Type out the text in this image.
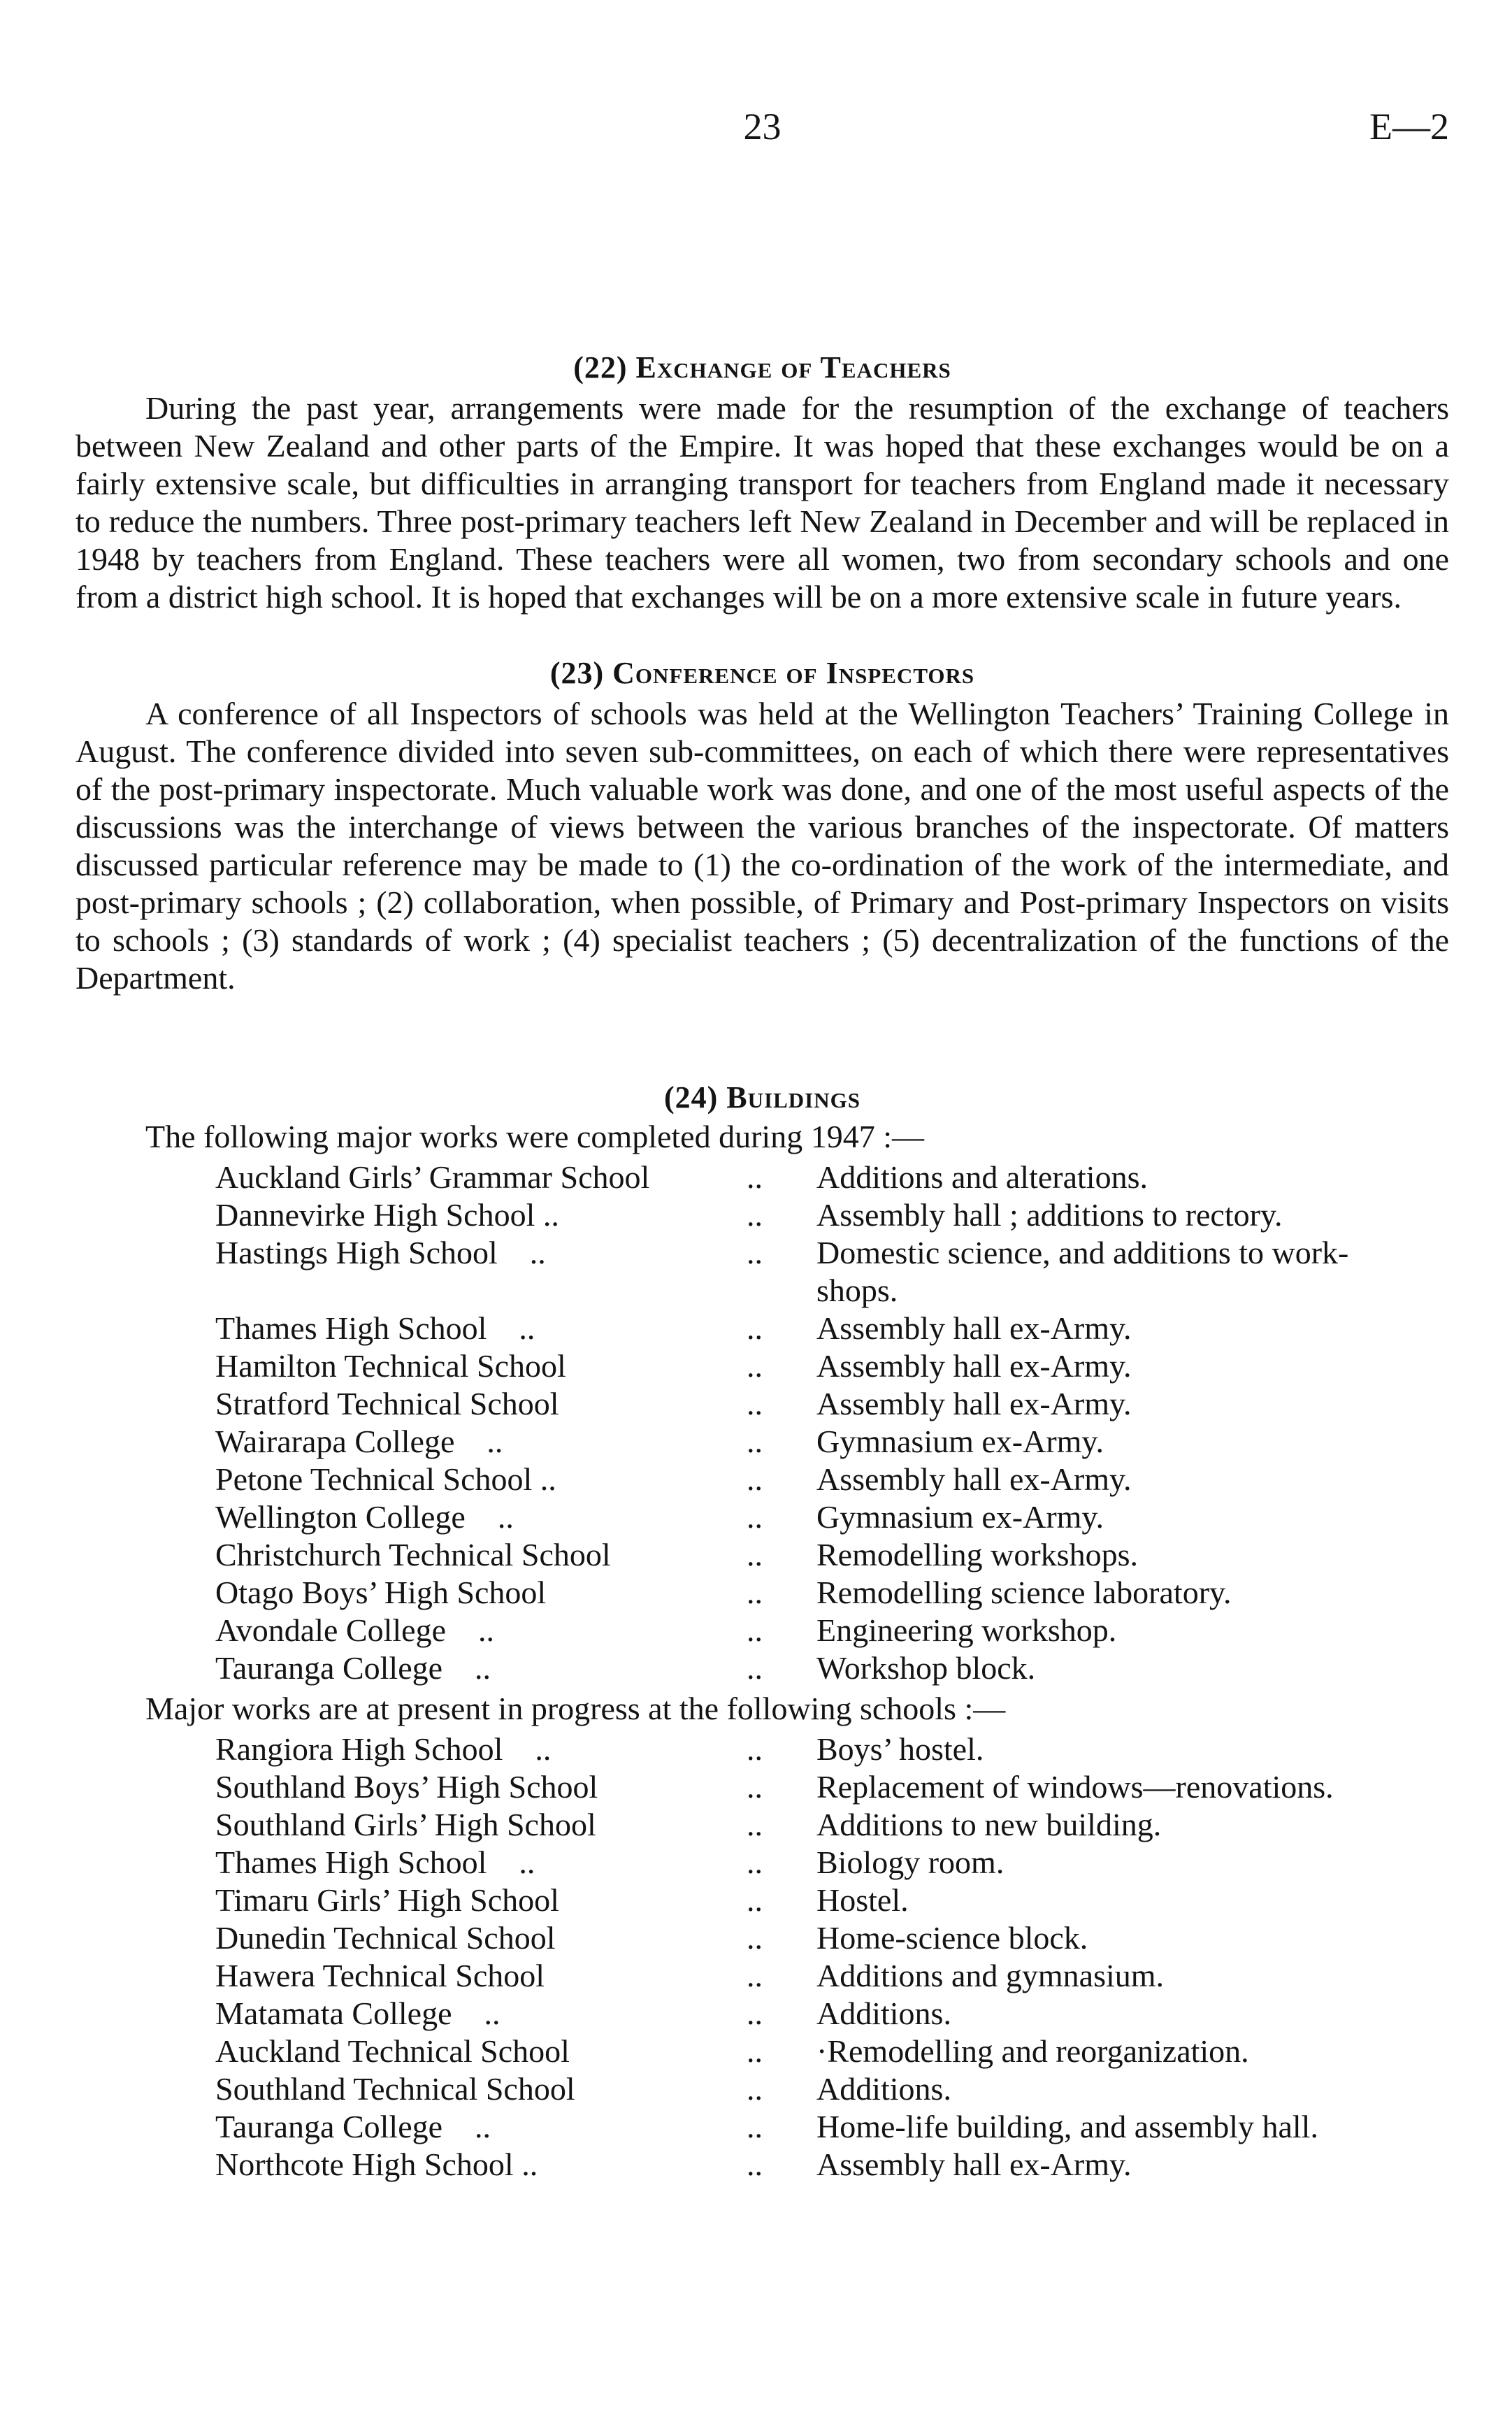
23	E—2
(22) Exchange of Teachers

During the past year, arrangements were made for the resumption of the exchange of teachers between New Zealand and other parts of the Empire. It was hoped that these exchanges would be on a fairly extensive scale, but difficulties in arranging transport for teachers from England made it necessary to reduce the numbers. Three post-primary teachers left New Zealand in December and will be replaced in 1948 by teachers from England. These teachers were all women, two from secondary schools and one from a district high school. It is hoped that exchanges will be on a more extensive scale in future years.

(23) Conference of Inspectors

A conference of all Inspectors of schools was held at the Wellington Teachers’ Training College in August. The conference divided into seven sub-committees, on each of which there were representatives of the post-primary inspectorate. Much valuable work was done, and one of the most useful aspects of the discussions was the interchange of views between the various branches of the inspectorate. Of matters discussed particular reference may be made to (1) the co-ordination of the work of the intermediate, and post-primary schools ; (2) collaboration, when possible, of Primary and Post-primary Inspectors on visits to schools ; (3) standards of work ; (4) specialist teachers ; (5) decentralization of the functions of the Department.

(24) Buildings
The following major works were completed during 1947 :—
Auckland Girls’ Grammar School	..	Additions and alterations.
Dannevirke High School ..	..	Assembly hall ; additions to rectory.
Hastings High School    ..	..	Domestic science, and additions to work-
shops.
Thames High School    ..	..	Assembly hall ex-Army.
Hamilton Technical School	..	Assembly hall ex-Army.
Stratford Technical School	..	Assembly hall ex-Army.
Wairarapa College    ..	..	Gymnasium ex-Army.
Petone Technical School ..	..	Assembly hall ex-Army.
Wellington College    ..	..	Gymnasium ex-Army.
Christchurch Technical School	..	Remodelling workshops.
Otago Boys’ High School	..	Remodelling science laboratory.
Avondale College    ..	..	Engineering workshop.
Tauranga College    ..	..	Workshop block.
Major works are at present in progress at the following schools :—
Rangiora High School    ..	..	Boys’ hostel.
Southland Boys’ High School	..	Replacement of windows—renovations.
Southland Girls’ High School	..	Additions to new building.
Thames High School    ..	..	Biology room.
Timaru Girls’ High School	..	Hostel.
Dunedin Technical School	..	Home-science block.
Hawera Technical School	..	Additions and gymnasium.
Matamata College    ..	..	Additions.
Auckland Technical School	..	·Remodelling and reorganization.
Southland Technical School	..	Additions.
Tauranga College    ..	..	Home-life building, and assembly hall.
Northcote High School ..	..	Assembly hall ex-Army.
